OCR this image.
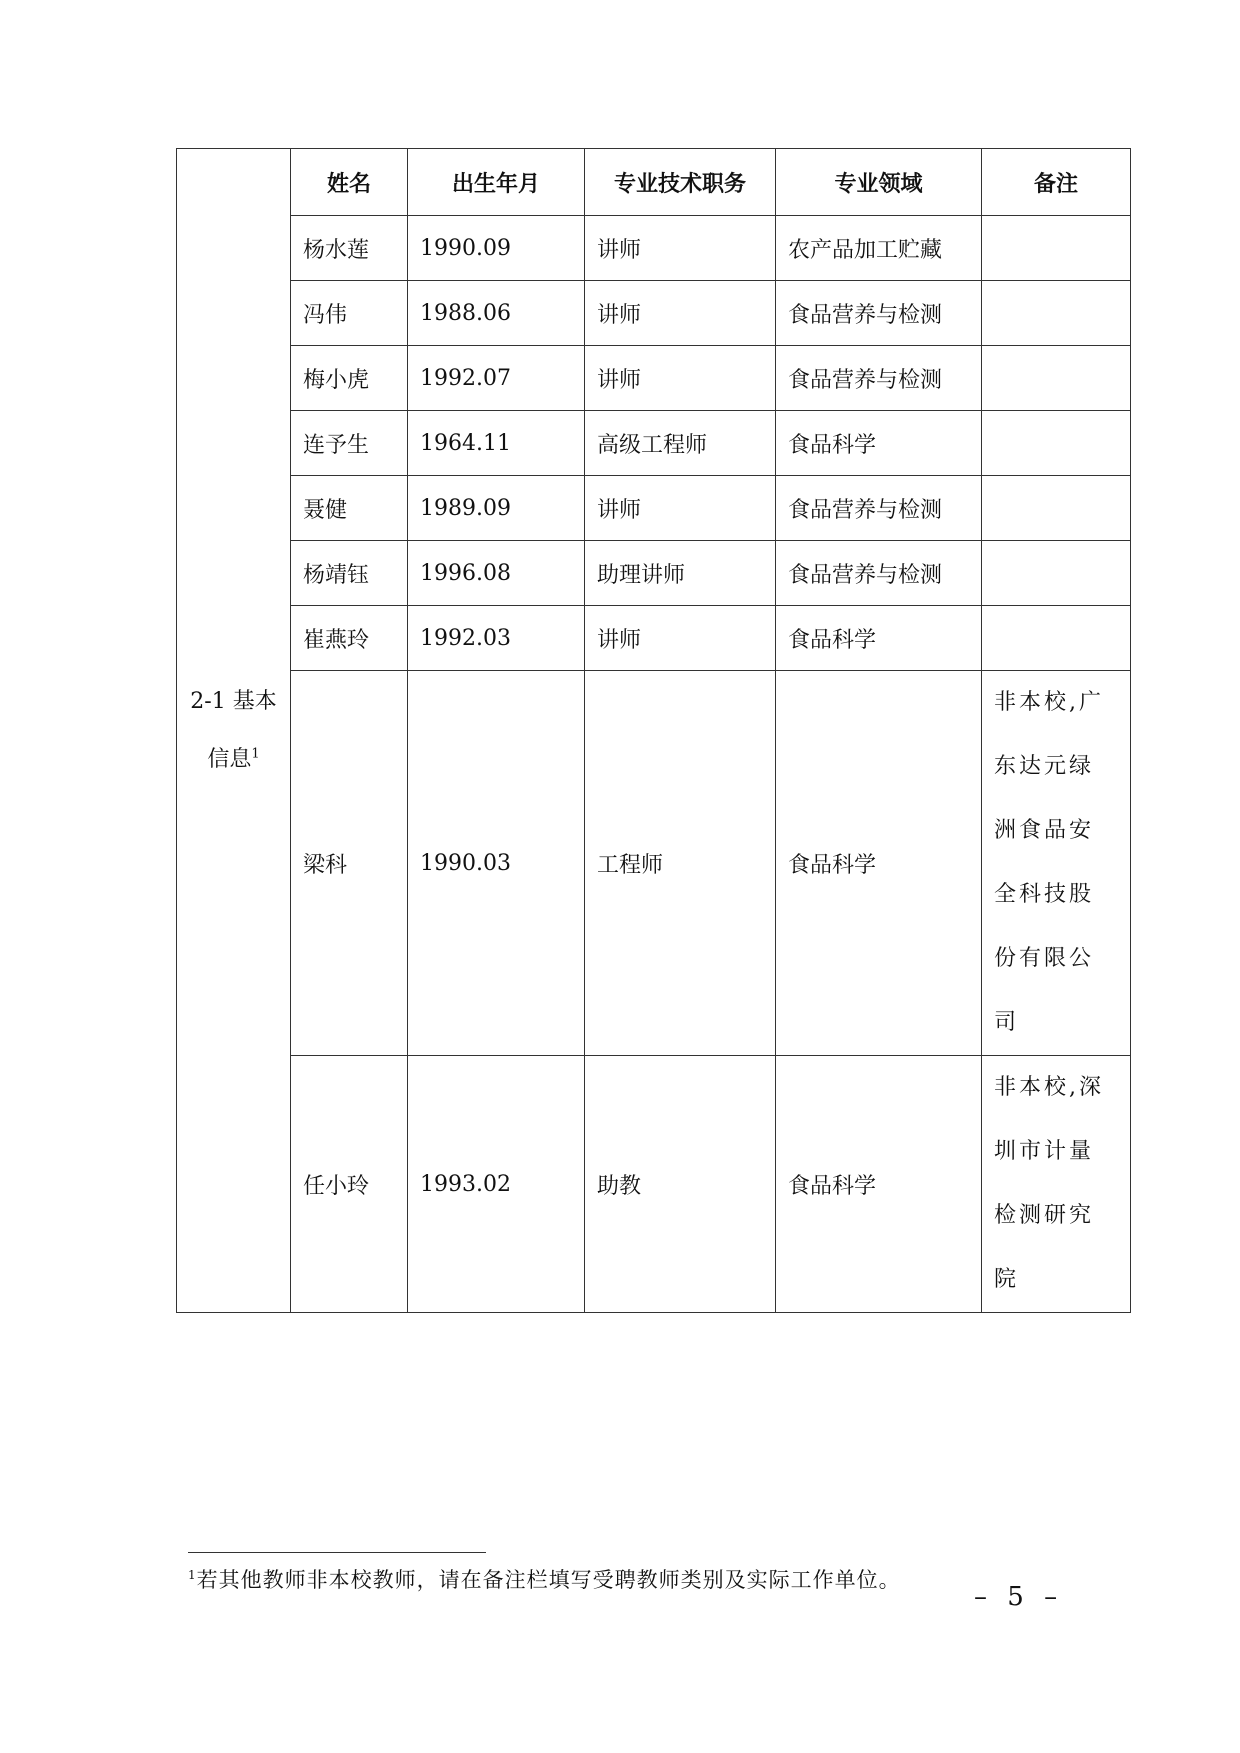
2-1 基本信息$^1$	姓名	出生年月	专业技术职务	专业领域	备注
	杨水莲	1990.09	讲师	农产品加工贮藏	
	冯伟	1988.06	讲师	食品营养与检测	
	梅小虎	1992.07	讲师	食品营养与检测	
	连予生	1964.11	高级工程师	食品科学	
	聂健	1989.09	讲师	食品营养与检测	
	杨靖钰	1996.08	助理讲师	食品营养与检测	
	崔燕玲	1992.03	讲师	食品科学	
	梁科	1990.03	工程师	食品科学	非本校,广东达元绿洲食品安全科技股份有限公司
	任小玲	1993.02	助教	食品科学	非本校,深圳市计量检测研究院
$^1$若其他教师非本校教师，请在备注栏填写受聘教师类别及实际工作单位。
– 5 –
